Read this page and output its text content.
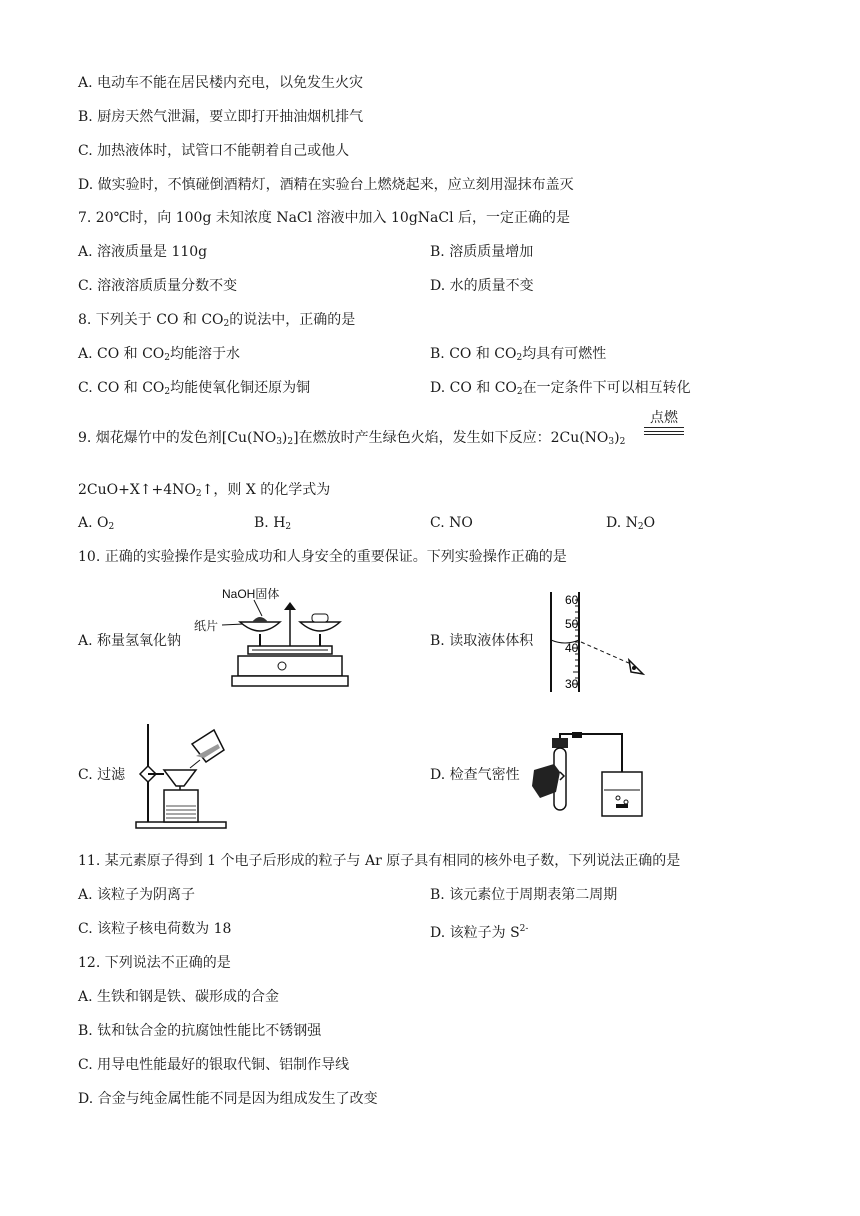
A. 电动车不能在居民楼内充电，以免发生火灾
B. 厨房天然气泄漏，要立即打开抽油烟机排气
C. 加热液体时，试管口不能朝着自己或他人
D. 做实验时，不慎碰倒酒精灯，酒精在实验台上燃烧起来，应立刻用湿抹布盖灭
7. 20℃时，向 100g 未知浓度 NaCl 溶液中加入 10gNaCl 后，一定正确的是
A. 溶液质量是 110g	B. 溶质质量增加
C. 溶液溶质质量分数不变	D. 水的质量不变
8. 下列关于 CO 和 $CO_2$的说法中，正确的是
A. CO 和 $CO_2$均能溶于水	B. CO 和 $CO_2$均具有可燃性
C. CO 和 $CO_2$均能使氧化铜还原为铜	D. CO 和 $CO_2$在一定条件下可以相互转化
9. 烟花爆竹中的发色剂$[Cu(NO_3)_2]$在燃放时产生绿色火焰，发生如下反应：$2Cu(NO_3)_2$
点燃
$2CuO+X↑+4NO_2↑$，则 X 的化学式为
A. $O_2$	B. $H_2$	C. NO	D. $N_2O$
10. 正确的实验操作是实验成功和人身安全的重要保证。下列实验操作正确的是
A. 称量氢氧化钠	B. 读取液体体积
NaOH固体
纸片
60
50
40
30
C. 过滤	D. 检查气密性
11. 某元素原子得到 1 个电子后形成的粒子与 Ar 原子具有相同的核外电子数，下列说法正确的是
A. 该粒子为阴离子	B. 该元素位于周期表第二周期
C. 该粒子核电荷数为 18	D. 该粒子为 $S^{2-}$
12. 下列说法不正确的是
A. 生铁和钢是铁、碳形成的合金
B. 钛和钛合金的抗腐蚀性能比不锈钢强
C. 用导电性能最好的银取代铜、铝制作导线
D. 合金与纯金属性能不同是因为组成发生了改变
